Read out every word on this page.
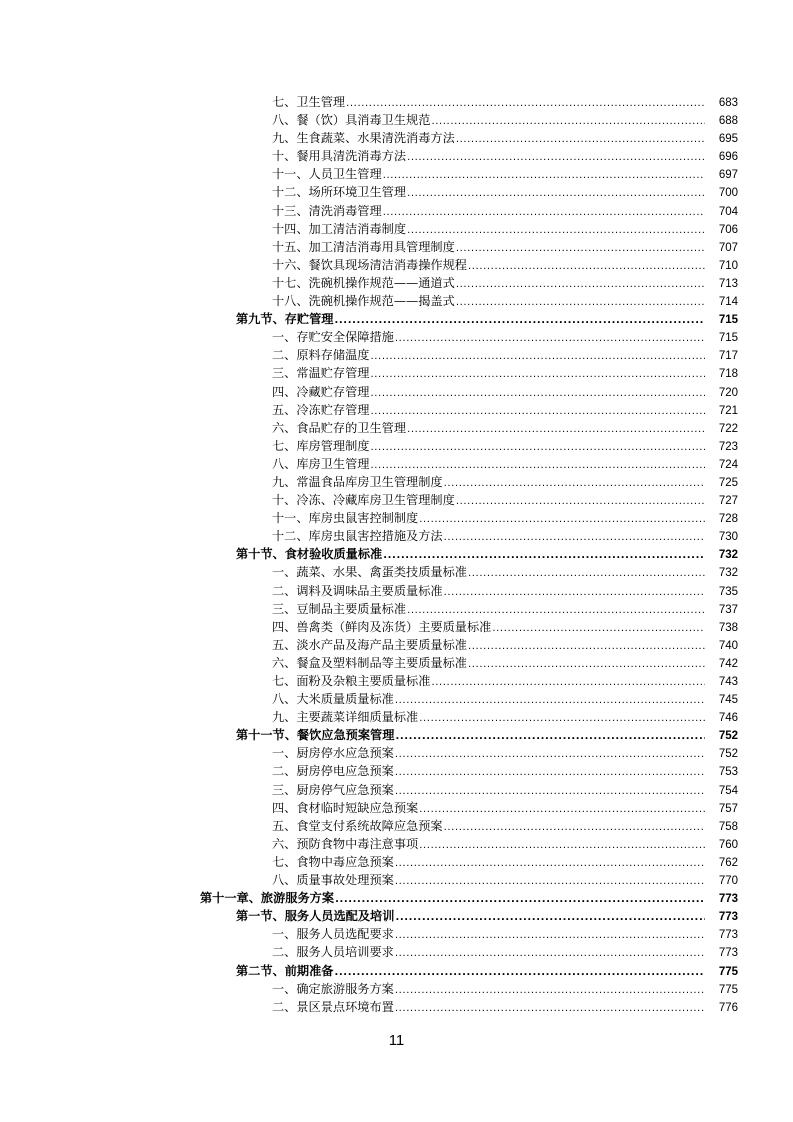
七、卫生管理 .....	683
八、餐（饮）具消毒卫生规范 .....	688
九、生食蔬菜、水果清洗消毒方法 .....	695
十、餐用具清洗消毒方法 .....	696
十一、人员卫生管理 .....	697
十二、场所环境卫生管理 .....	700
十三、清洗消毒管理 .....	704
十四、加工清洁消毒制度 .....	706
十五、加工清洁消毒用具管理制度 .....	707
十六、餐饮具现场清洁消毒操作规程 .....	710
十七、洗碗机操作规范——通道式 .....	713
十八、洗碗机操作规范——揭盖式 .....	714
第九节、存贮管理 .....	715
一、存贮安全保障措施 .....	715
二、原料存储温度 .....	717
三、常温贮存管理 .....	718
四、冷藏贮存管理 .....	720
五、冷冻贮存管理 .....	721
六、食品贮存的卫生管理 .....	722
七、库房管理制度 .....	723
八、库房卫生管理 .....	724
九、常温食品库房卫生管理制度 .....	725
十、冷冻、冷藏库房卫生管理制度 .....	727
十一、库房虫鼠害控制制度 .....	728
十二、库房虫鼠害控措施及方法 .....	730
第十节、食材验收质量标准 .....	732
一、蔬菜、水果、禽蛋类技质量标准 .....	732
二、调料及调味品主要质量标准 .....	735
三、豆制品主要质量标准 .....	737
四、兽禽类（鲜肉及冻货）主要质量标准 .....	738
五、淡水产品及海产品主要质量标准 .....	740
六、餐盒及塑料制品等主要质量标准 .....	742
七、面粉及杂粮主要质量标准 .....	743
八、大米质量质量标准 .....	745
九、主要蔬菜详细质量标准 .....	746
第十一节、餐饮应急预案管理 .....	752
一、厨房停水应急预案 .....	752
二、厨房停电应急预案 .....	753
三、厨房停气应急预案 .....	754
四、食材临时短缺应急预案 .....	757
五、食堂支付系统故障应急预案 .....	758
六、预防食物中毒注意事项 .....	760
七、食物中毒应急预案 .....	762
八、质量事故处理预案 .....	770
第十一章、旅游服务方案 .....	773
第一节、服务人员选配及培训 .....	773
一、服务人员选配要求 .....	773
二、服务人员培训要求 .....	773
第二节、前期准备 .....	775
一、确定旅游服务方案 .....	775
二、景区景点环境布置 .....	776
11
